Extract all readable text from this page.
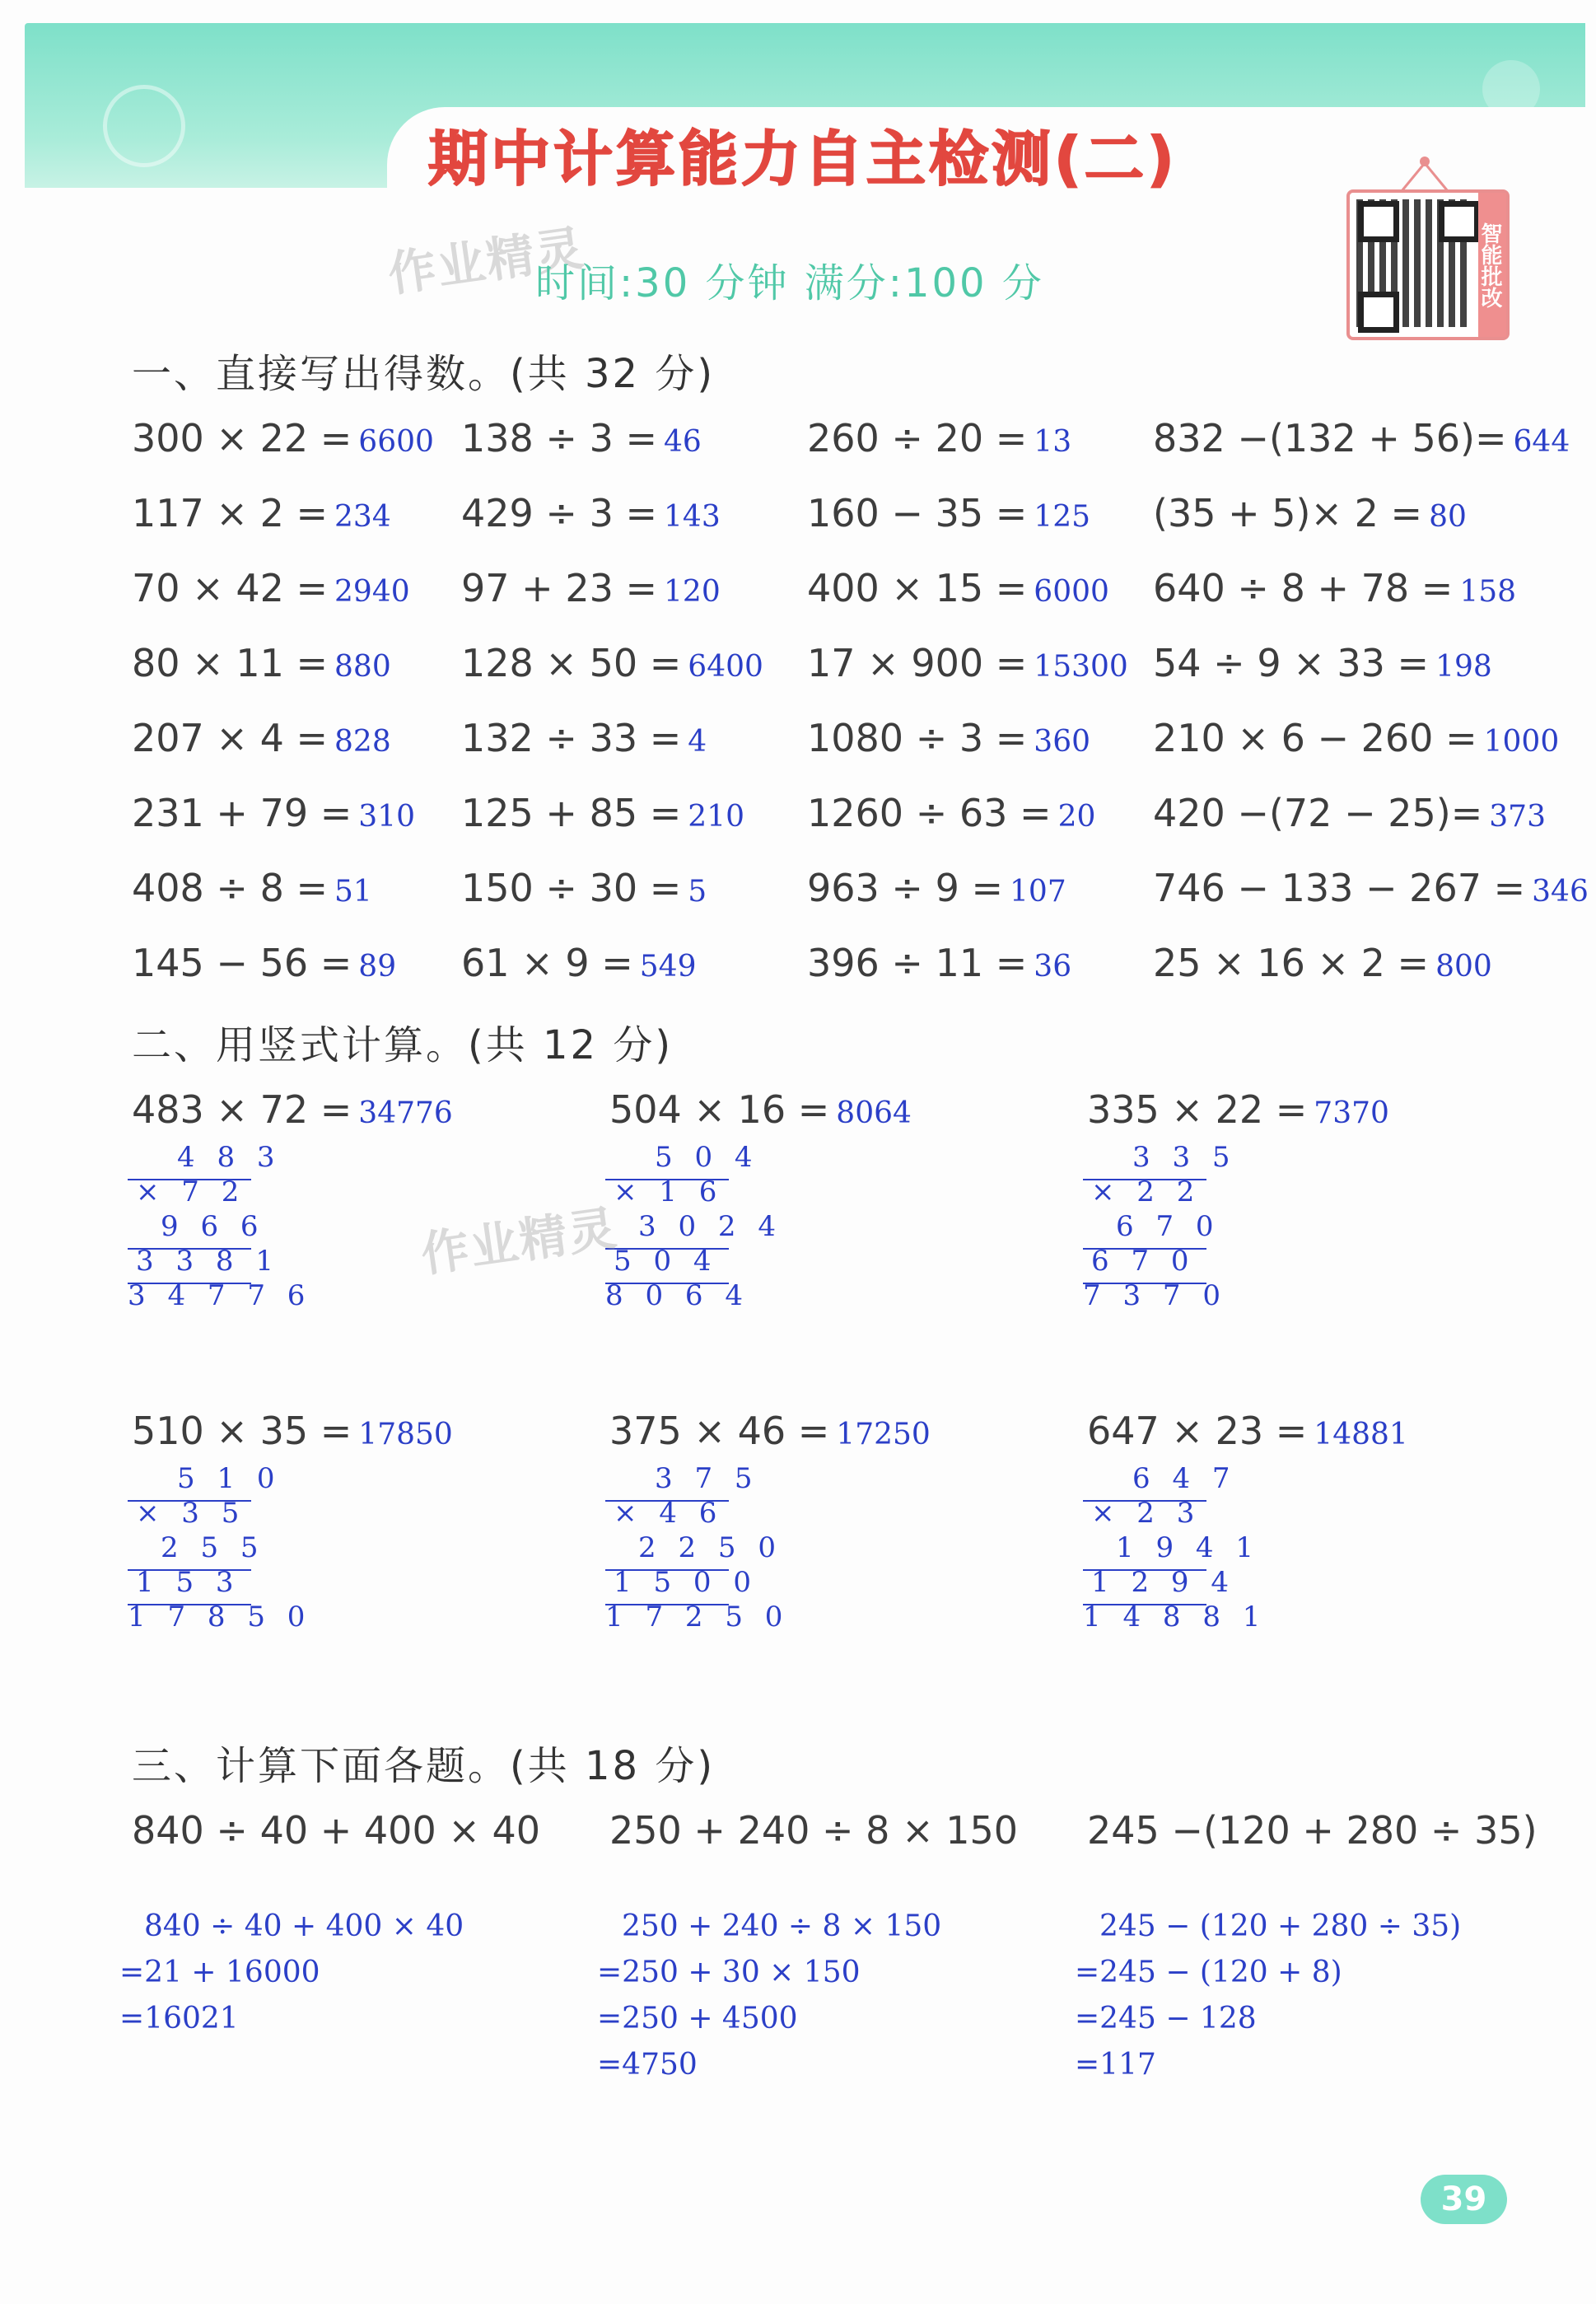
期中计算能力自主检测(二)
作业精灵
时间:30 分钟 满分:100 分	智能批改
一、直接写出得数。(共 32 分)
300 × 22 = 6600
117 × 2 = 234
70 × 42 = 2940
80 × 11 = 880
207 × 4 = 828
231 + 79 = 310
408 ÷ 8 = 51
145 − 56 = 89
138 ÷ 3 = 46
429 ÷ 3 = 143
97 + 23 = 120
128 × 50 = 6400
132 ÷ 33 = 4
125 + 85 = 210
150 ÷ 30 = 5
61 × 9 = 549
260 ÷ 20 = 13
160 − 35 = 125
400 × 15 = 6000
17 × 900 = 15300
1080 ÷ 3 = 360
1260 ÷ 63 = 20
963 ÷ 9 = 107
396 ÷ 11 = 36
832 −(132 + 56)= 644
(35 + 5)× 2 = 80
640 ÷ 8 + 78 = 158
54 ÷ 9 × 33 = 198
210 × 6 − 260 = 1000
420 −(72 − 25)= 373
746 − 133 − 267 = 346
25 × 16 × 2 = 800
二、用竖式计算。(共 12 分)
483 × 72 = 34776
4 8 3
× 7 2
9 6 6
3 3 8 1
3 4 7 7 6
504 × 16 = 8064
5 0 4
× 1 6
3 0 2 4
5 0 4
8 0 6 4
335 × 22 = 7370
3 3 5
× 2 2
6 7 0
6 7 0
7 3 7 0
510 × 35 = 17850
5 1 0
× 3 5
2 5 5
1 5 3
1 7 8 5 0
375 × 46 = 17250
3 7 5
× 4 6
2 2 5 0
1 5 0 0
1 7 2 5 0
647 × 23 = 14881
6 4 7
× 2 3
1 9 4 1
1 2 9 4
1 4 8 8 1
三、计算下面各题。(共 18 分)
840 ÷ 40 + 400 × 40
840 ÷ 40 + 400 × 40
=21 + 16000
=16021
250 + 240 ÷ 8 × 150
250 + 240 ÷ 8 × 150
=250 + 30 × 150
=250 + 4500
=4750
245 −(120 + 280 ÷ 35)
245 − (120 + 280 ÷ 35)
=245 − (120 + 8)
=245 − 128
=117
作业精灵
39
